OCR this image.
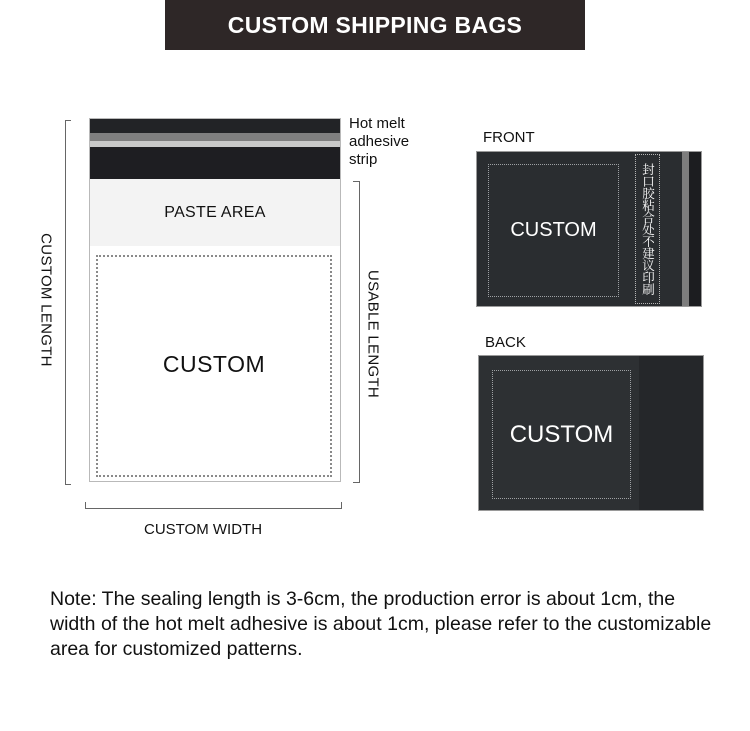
CUSTOM SHIPPING BAGS
PASTE AREA
CUSTOM
Hot melt
adhesive
strip
CUSTOM LENGTH	USABLE LENGTH
CUSTOM WIDTH
FRONT
CUSTOM	封口胶粘合处不建议印刷
BACK
CUSTOM
Note: The sealing length is 3-6cm, the production error is about 1cm, the width of the hot melt adhesive is about 1cm, please refer to the customizable area for customized patterns.
